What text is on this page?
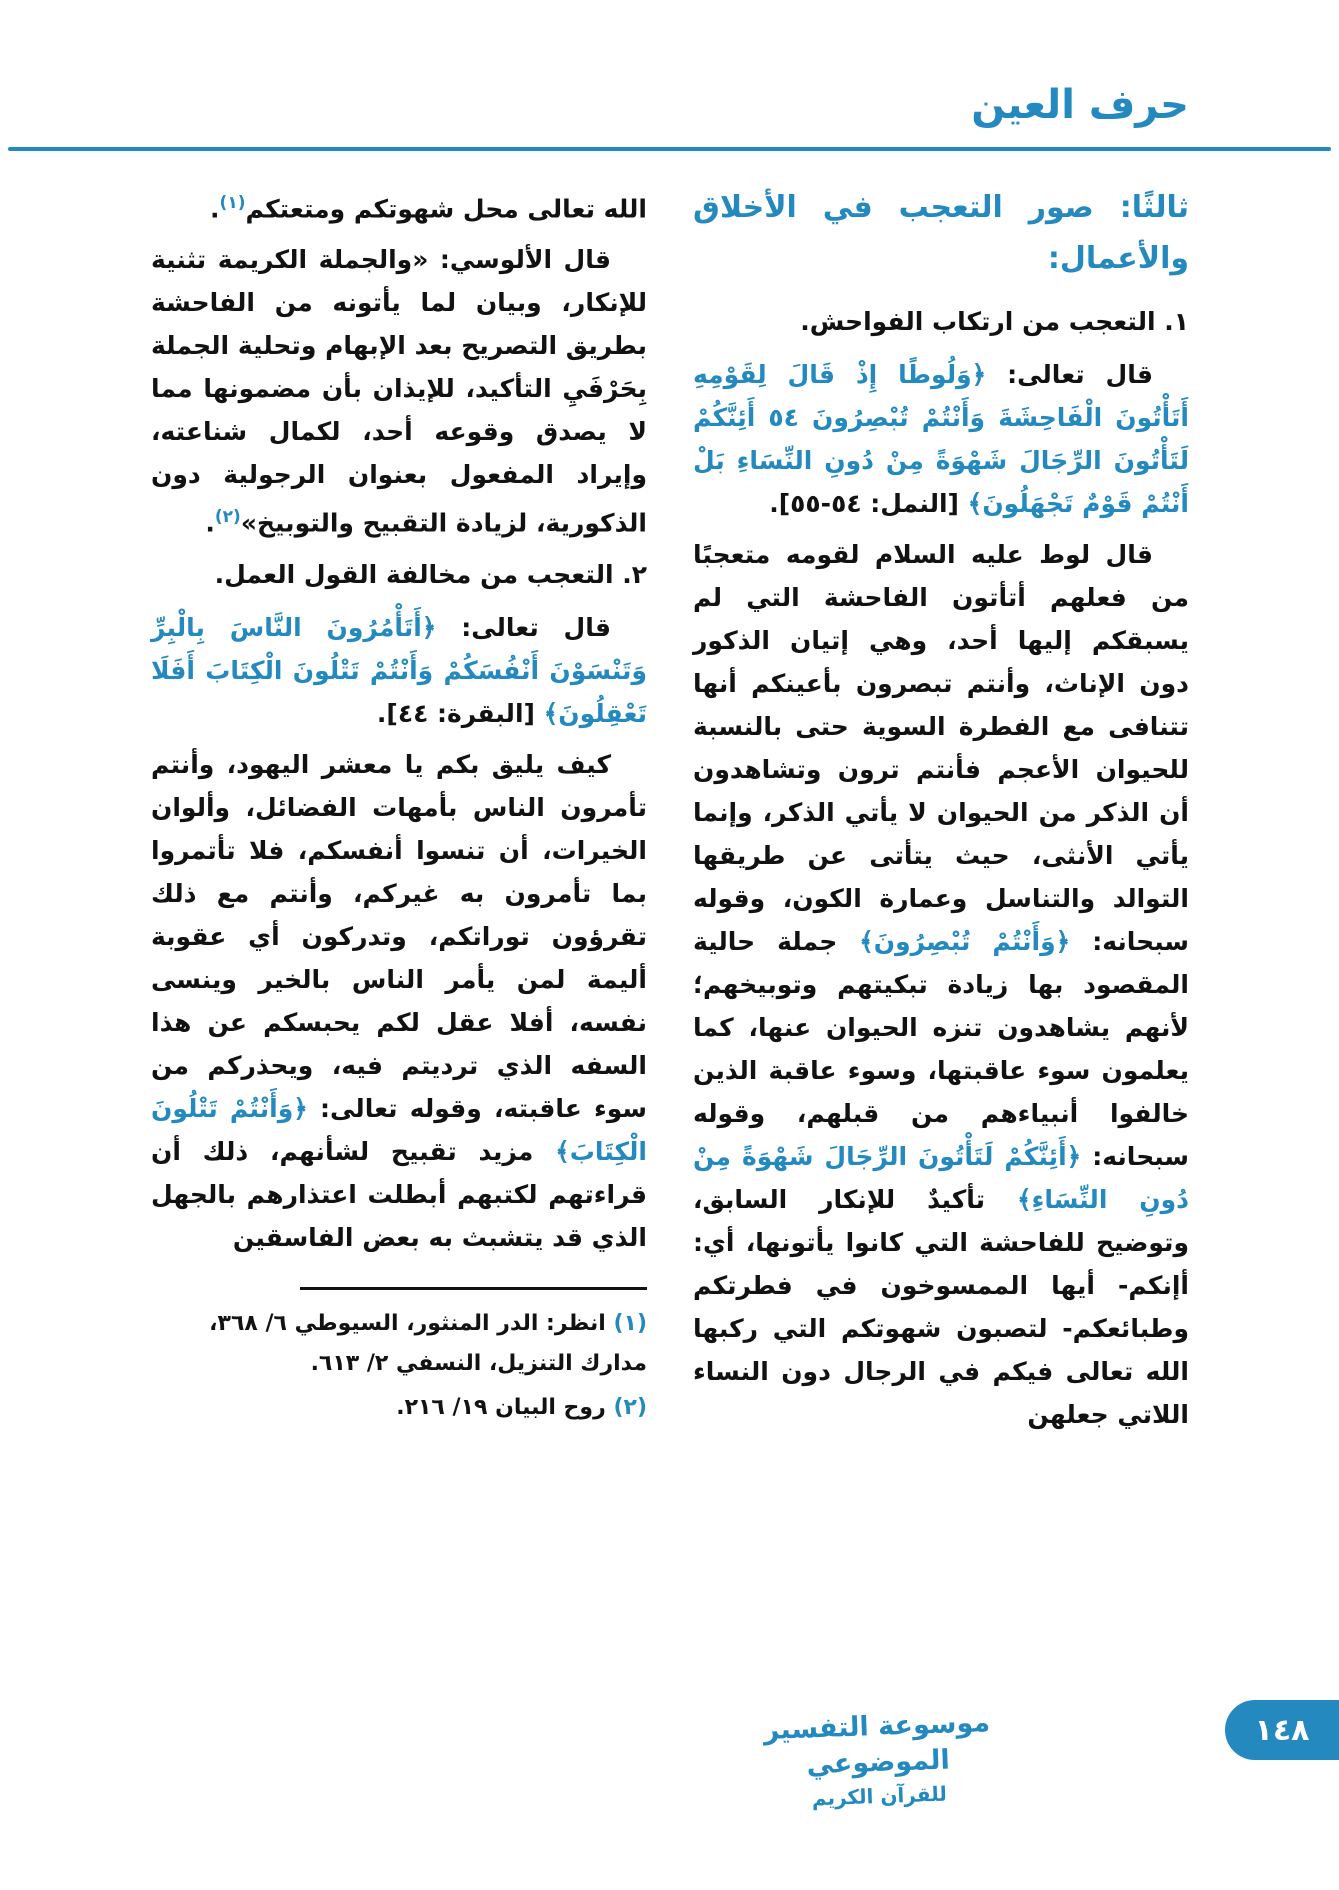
حرف العين
ثالثًا: صور التعجب في الأخلاق والأعمال:

١. التعجب من ارتكاب الفواحش.

قال تعالى: ﴿وَلُوطًا إِذْ قَالَ لِقَوْمِهِ أَتَأْتُونَ الْفَاحِشَةَ وَأَنْتُمْ تُبْصِرُونَ ٥٤ أَئِنَّكُمْ لَتَأْتُونَ الرِّجَالَ شَهْوَةً مِنْ دُونِ النِّسَاءِ بَلْ أَنْتُمْ قَوْمٌ تَجْهَلُونَ﴾ [النمل: ٥٤-٥٥].

قال لوط عليه السلام لقومه متعجبًا من فعلهم أتأتون الفاحشة التي لم يسبقكم إليها أحد، وهي إتيان الذكور دون الإناث، وأنتم تبصرون بأعينكم أنها تتنافى مع الفطرة السوية حتى بالنسبة للحيوان الأعجم فأنتم ترون وتشاهدون أن الذكر من الحيوان لا يأتي الذكر، وإنما يأتي الأنثى، حيث يتأتى عن طريقها التوالد والتناسل وعمارة الكون، وقوله سبحانه: ﴿وَأَنْتُمْ تُبْصِرُونَ﴾ جملة حالية المقصود بها زيادة تبكيتهم وتوبيخهم؛ لأنهم يشاهدون تنزه الحيوان عنها، كما يعلمون سوء عاقبتها، وسوء عاقبة الذين خالفوا أنبياءهم من قبلهم، وقوله سبحانه: ﴿أَئِنَّكُمْ لَتَأْتُونَ الرِّجَالَ شَهْوَةً مِنْ دُونِ النِّسَاءِ﴾ تأكيدٌ للإنكار السابق، وتوضيح للفاحشة التي كانوا يأتونها، أي: أإنكم- أيها الممسوخون في فطرتكم وطبائعكم- لتصبون شهوتكم التي ركبها الله تعالى فيكم في الرجال دون النساء اللاتي جعلهن

الله تعالى محل شهوتكم ومتعتكم$^{(١)}$.

قال الألوسي: «والجملة الكريمة تثنية للإنكار، وبيان لما يأتونه من الفاحشة بطريق التصريح بعد الإبهام وتحلية الجملة بِحَرْفَيِ التأكيد، للإيذان بأن مضمونها مما لا يصدق وقوعه أحد، لكمال شناعته، وإيراد المفعول بعنوان الرجولية دون الذكورية، لزيادة التقبيح والتوبيخ»$^{(٢)}$.

٢. التعجب من مخالفة القول العمل.

قال تعالى: ﴿أَتَأْمُرُونَ النَّاسَ بِالْبِرِّ وَتَنْسَوْنَ أَنْفُسَكُمْ وَأَنْتُمْ تَتْلُونَ الْكِتَابَ أَفَلَا تَعْقِلُونَ﴾ [البقرة: ٤٤].

كيف يليق بكم يا معشر اليهود، وأنتم تأمرون الناس بأمهات الفضائل، وألوان الخيرات، أن تنسوا أنفسكم، فلا تأتمروا بما تأمرون به غيركم، وأنتم مع ذلك تقرؤون توراتكم، وتدركون أي عقوبة أليمة لمن يأمر الناس بالخير وينسى نفسه، أفلا عقل لكم يحبسكم عن هذا السفه الذي ترديتم فيه، ويحذركم من سوء عاقبته، وقوله تعالى: ﴿وَأَنْتُمْ تَتْلُونَ الْكِتَابَ﴾ مزيد تقبيح لشأنهم، ذلك أن قراءتهم لكتبهم أبطلت اعتذارهم بالجهل الذي قد يتشبث به بعض الفاسقين

(١) انظر: الدر المنثور، السيوطي ٦/ ٣٦٨، مدارك التنزيل، النسفي ٢/ ٦١٣.

(٢) روح البيان ١٩/ ٢١٦.

موسوعة التفسير الموضوعي
للقرآن الكريم
١٤٨
